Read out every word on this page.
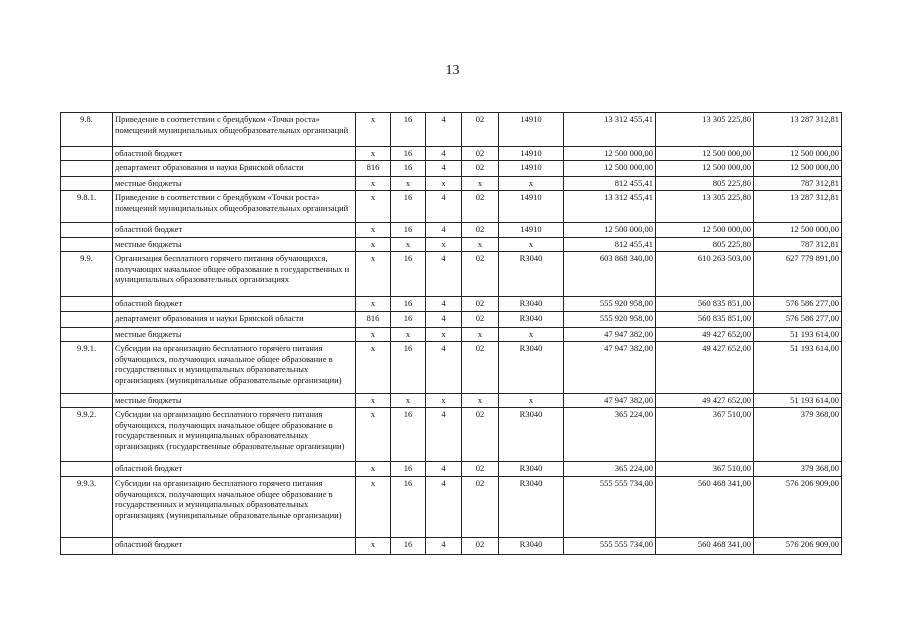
13
9.8.	Приведение в соответствии с брендбуком «Точки роста» помещений муниципальных общеобразовательных организаций	x	16	4	02	14910	13 312 455,41	13 305 225,80	13 287 312,81
	областной бюджет	x	16	4	02	14910	12 500 000,00	12 500 000,00	12 500 000,00
	департамент образования и науки Брянской области	816	16	4	02	14910	12 500 000,00	12 500 000,00	12 500 000,00
	местные бюджеты	x	x	x	x	x	812 455,41	805 225,80	787 312,81
9.8.1.	Приведение в соответствии с брендбуком «Точки роста» помещений муниципальных общеобразовательных организаций	x	16	4	02	14910	13 312 455,41	13 305 225,80	13 287 312,81
	областной бюджет	x	16	4	02	14910	12 500 000,00	12 500 000,00	12 500 000,00
	местные бюджеты	x	x	x	x	x	812 455,41	805 225,80	787 312,81
9.9.	Организация бесплатного горячего питания обучающихся, получающих начальное общее образование в государственных и муниципальных образовательных организациях	x	16	4	02	R3040	603 868 340,00	610 263 503,00	627 779 891,00
	областной бюджет	x	16	4	02	R3040	555 920 958,00	560 835 851,00	576 586 277,00
	департамент образования и науки Брянской области	816	16	4	02	R3040	555 920 958,00	560 835 851,00	576 586 277,00
	местные бюджеты	x	x	x	x	x	47 947 382,00	49 427 652,00	51 193 614,00
9.9.1.	Субсидии на организацию бесплатного горячего питания обучающихся, получающих начальное общее образование в государственных и муниципальных образовательных организациях (муниципальные образовательные организации)	x	16	4	02	R3040	47 947 382,00	49 427 652,00	51 193 614,00
	местные бюджеты	x	x	x	x	x	47 947 382,00	49 427 652,00	51 193 614,00
9.9.2.	Субсидии на организацию бесплатного горячего питания обучающихся, получающих начальное общее образование в государственных и муниципальных образовательных организациях (государственные образовательные организации)	x	16	4	02	R3040	365 224,00	367 510,00	379 368,00
	областной бюджет	x	16	4	02	R3040	365 224,00	367 510,00	379 368,00
9.9.3.	Субсидии на организацию бесплатного горячего питания обучающихся, получающих начальное общее образование в государственных и муниципальных образовательных организациях (муниципальные образовательные организации)	x	16	4	02	R3040	555 555 734,00	560 468 341,00	576 206 909,00
	областной бюджет	x	16	4	02	R3040	555 555 734,00	560 468 341,00	576 206 909,00
